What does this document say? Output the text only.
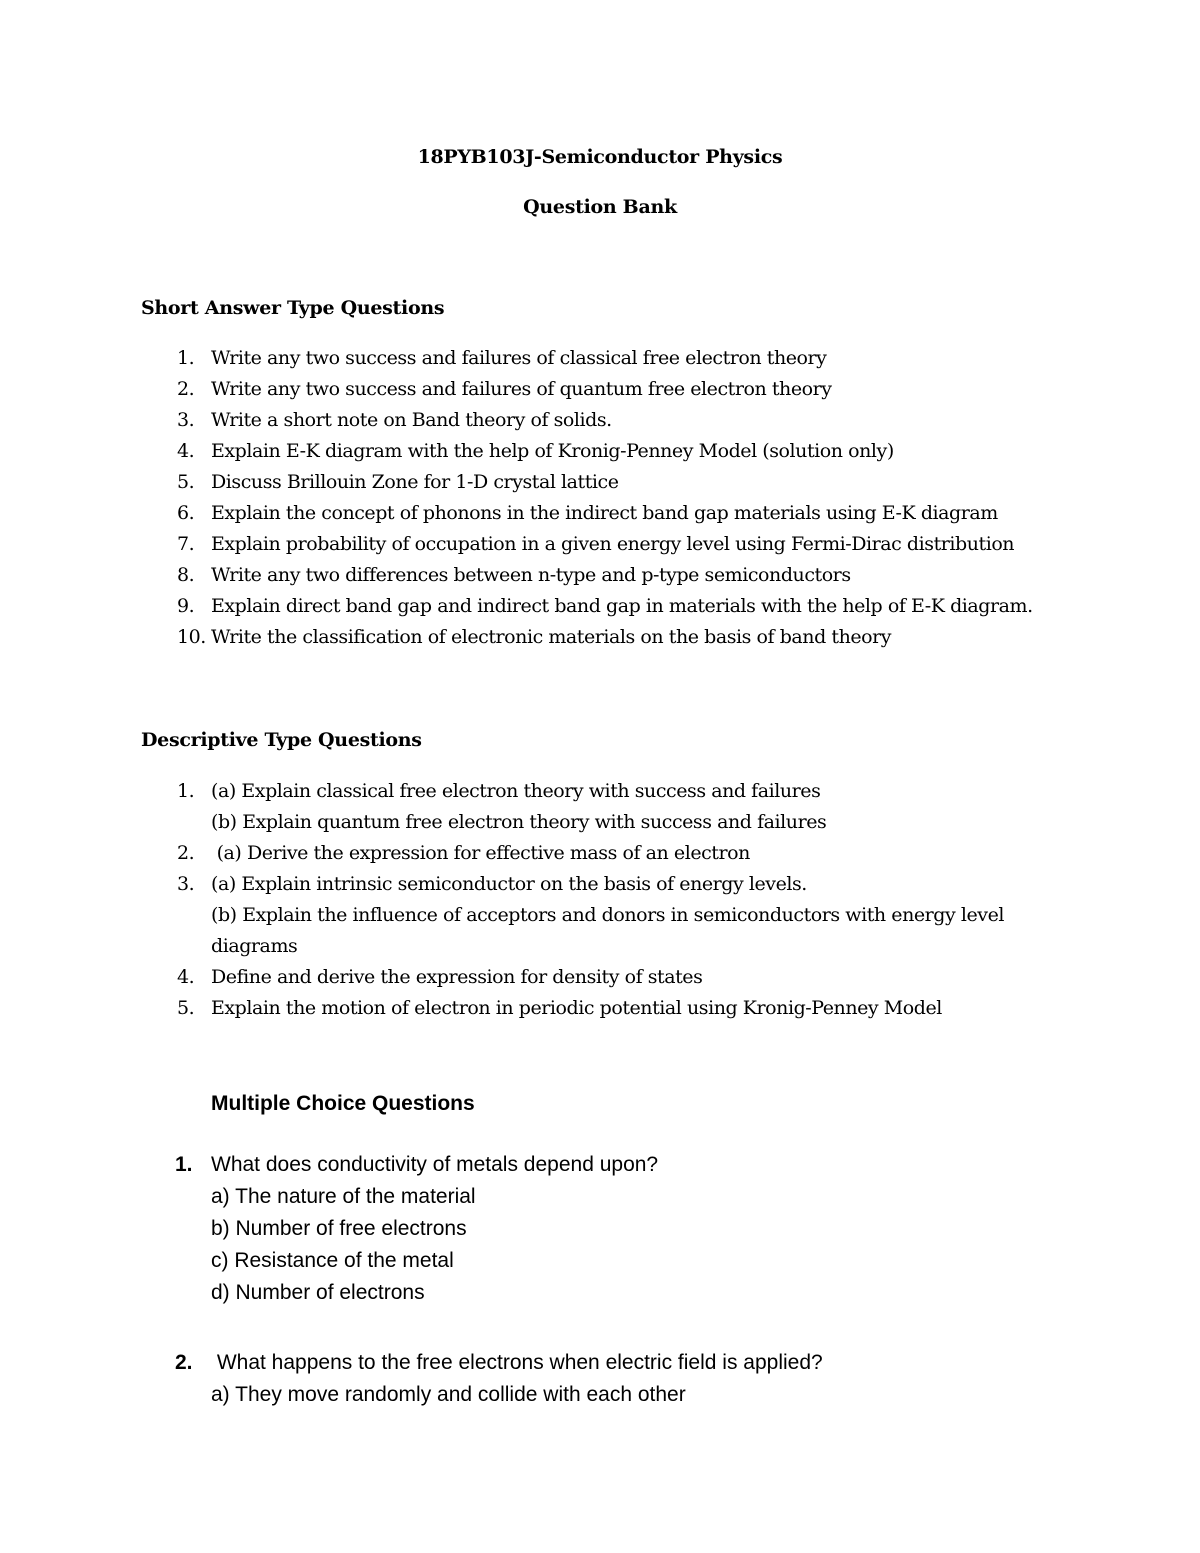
18PYB103J-Semiconductor Physics
Question Bank
Short Answer Type Questions
1. Write any two success and failures of classical free electron theory
2. Write any two success and failures of quantum free electron theory
3. Write a short note on Band theory of solids.
4. Explain E-K diagram with the help of Kronig-Penney Model (solution only)
5. Discuss Brillouin Zone for 1-D crystal lattice
6. Explain the concept of phonons in the indirect band gap materials using E-K diagram
7. Explain probability of occupation in a given energy level using Fermi-Dirac distribution
8. Write any two differences between n-type and p-type semiconductors
9. Explain direct band gap and indirect band gap in materials with the help of E-K diagram.
10. Write the classification of electronic materials on the basis of band theory
Descriptive Type Questions
1. (a) Explain classical free electron theory with success and failures
(b) Explain quantum free electron theory with success and failures
2. (a) Derive the expression for effective mass of an electron
3. (a) Explain intrinsic semiconductor on the basis of energy levels.
(b) Explain the influence of acceptors and donors in semiconductors with energy level
diagrams
4. Define and derive the expression for density of states
5. Explain the motion of electron in periodic potential using Kronig-Penney Model
Multiple Choice Questions
1. What does conductivity of metals depend upon?
a) The nature of the material
b) Number of free electrons
c) Resistance of the metal
d) Number of electrons
2. What happens to the free electrons when electric field is applied?
a) They move randomly and collide with each other
